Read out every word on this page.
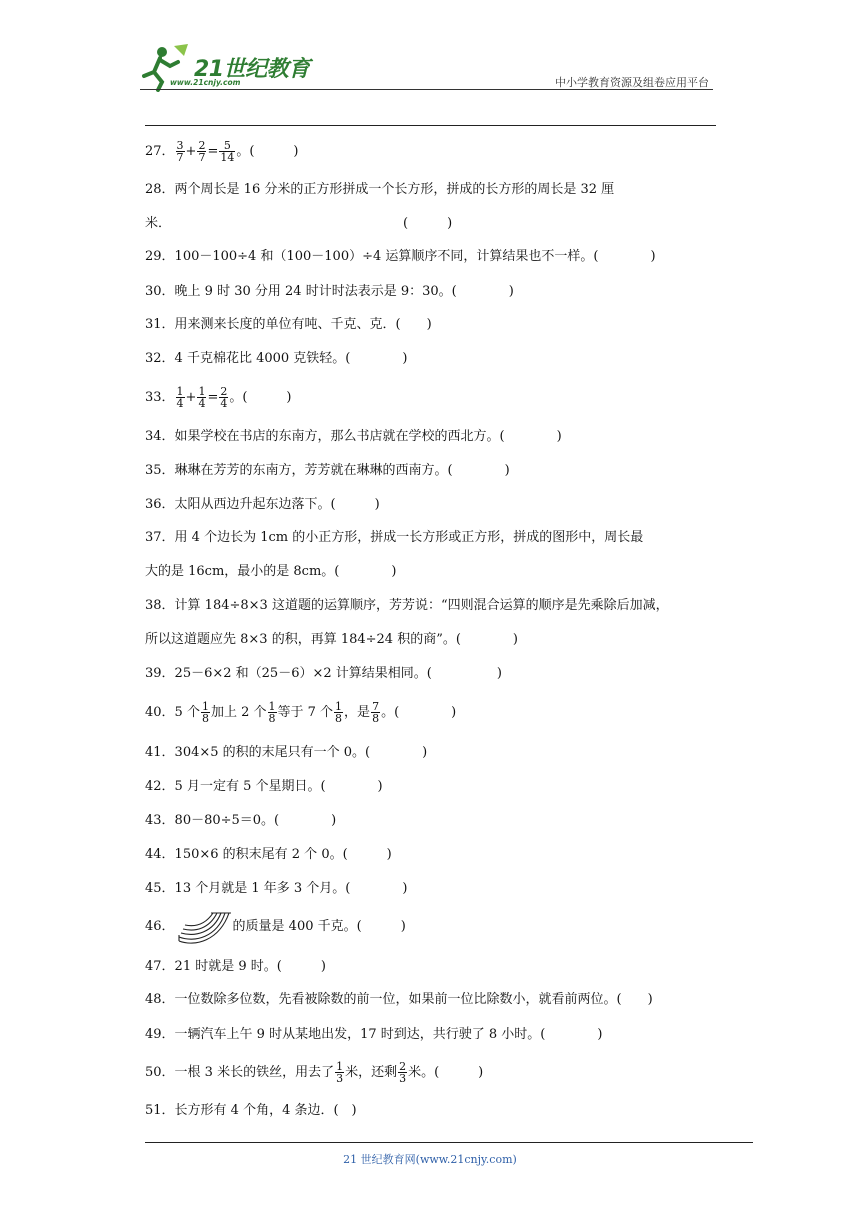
21世纪教育
www.21cnjy.com	中小学教育资源及组卷应用平台
27． $\frac{3}{7} + \frac{2}{7} = \frac{5}{14}$ 。(　　　)
28．两个周长是 16 分米的正方形拼成一个长方形，拼成的长方形的周长是 32 厘
米．	(　　　)
29．100－100÷4 和（100－100）÷4 运算顺序不同，计算结果也不一样。(　　　　)
30．晚上 9 时 30 分用 24 时计时法表示是 9：30。(　　　　)
31．用来测来长度的单位有吨、千克、克．(　　)
32．4 千克棉花比 4000 克铁轻。(　　　　)
33． $\frac{1}{4} + \frac{1}{4} = \frac{2}{4}$ 。(　　　)
34．如果学校在书店的东南方，那么书店就在学校的西北方。(　　　　)
35．琳琳在芳芳的东南方，芳芳就在琳琳的西南方。(　　　　)
36．太阳从西边升起东边落下。(　　　)
37．用 4 个边长为 1cm 的小正方形，拼成一长方形或正方形，拼成的图形中，周长最
大的是 16cm，最小的是 8cm。(　　　　)
38．计算 184÷8×3 这道题的运算顺序，芳芳说：“四则混合运算的顺序是先乘除后加减，
所以这道题应先 8×3 的积，再算 184÷24 积的商”。(　　　　)
39．25－6×2 和（25－6）×2 计算结果相同。(　　　　　)
40．5 个 $\frac{1}{8}$ 加上 2 个 $\frac{1}{8}$ 等于 7 个 $\frac{1}{8}$ ，是 $\frac{7}{8}$ 。(　　　　)
41．304×5 的积的末尾只有一个 0。(　　　　)
42．5 月一定有 5 个星期日。(　　　　)
43．80－80÷5＝0。(　　　　)
44．150×6 的积末尾有 2 个 0。(　　　)
45．13 个月就是 1 年多 3 个月。(　　　　)
46．	的质量是 400 千克。(　　　)
47．21 时就是 9 时。(　　　)
48．一位数除多位数，先看被除数的前一位，如果前一位比除数小，就看前两位。(　　)
49．一辆汽车上午 9 时从某地出发，17 时到达，共行驶了 8 小时。(　　　　)
50．一根 3 米长的铁丝，用去了 $\frac{1}{3}$ 米，还剩 $\frac{2}{3}$ 米。(　　　)
51．长方形有 4 个角，4 条边．(　)
21 世纪教育网(www.21cnjy.com)
